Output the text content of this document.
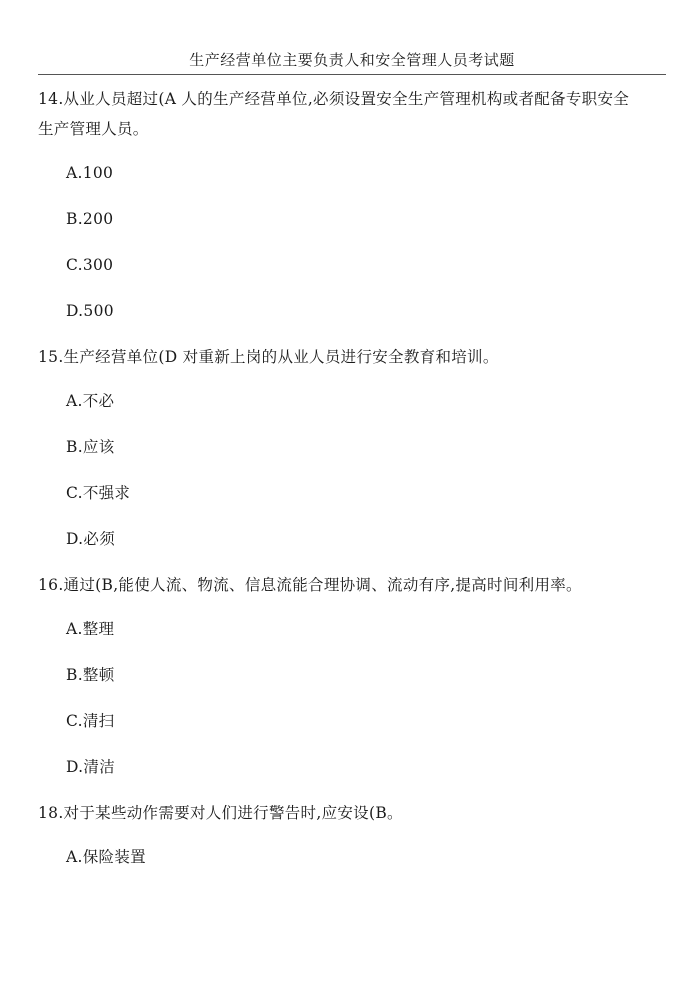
生产经营单位主要负责人和安全管理人员考试题
14.从业人员超过(A 人的生产经营单位,必须设置安全生产管理机构或者配备专职安全
生产管理人员。
A.100
B.200
C.300
D.500
15.生产经营单位(D 对重新上岗的从业人员进行安全教育和培训。
A.不必
B.应该
C.不强求
D.必须
16.通过(B,能使人流、物流、信息流能合理协调、流动有序,提高时间利用率。
A.整理
B.整顿
C.清扫
D.清洁
18.对于某些动作需要对人们进行警告时,应安设(B。
A.保险装置
